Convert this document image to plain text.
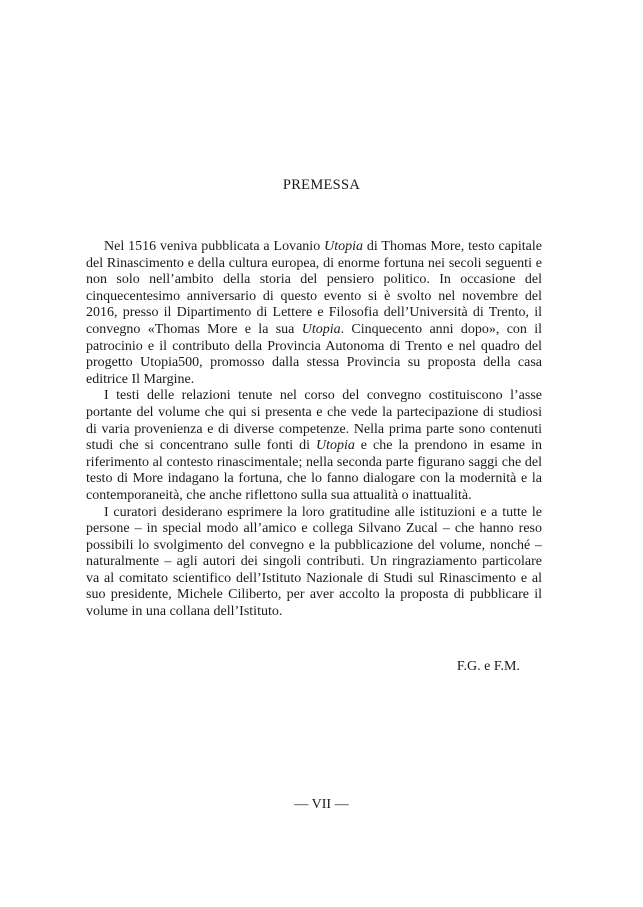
PREMESSA

Nel 1516 veniva pubblicata a Lovanio Utopia di Thomas More, testo capitale del Rinascimento e della cultura europea, di enorme fortuna nei secoli seguenti e non solo nell’ambito della storia del pensiero politico. In occasione del cinquecentesimo anniversario di questo evento si è svolto nel novembre del 2016, presso il Dipartimento di Lettere e Filosofia dell’Università di Trento, il convegno «Thomas More e la sua Utopia. Cinquecento anni dopo», con il patrocinio e il contributo della Provincia Autonoma di Trento e nel quadro del progetto Utopia500, promosso dalla stessa Provincia su proposta della casa editrice Il Margine.

I testi delle relazioni tenute nel corso del convegno costituiscono l’asse portante del volume che qui si presenta e che vede la partecipazione di studiosi di varia provenienza e di diverse competenze. Nella prima parte sono contenuti studi che si concentrano sulle fonti di Utopia e che la prendono in esame in riferimento al contesto rinascimentale; nella seconda parte figurano saggi che del testo di More indagano la fortuna, che lo fanno dialogare con la modernità e la contemporaneità, che anche riflettono sulla sua attualità o inattualità.

I curatori desiderano esprimere la loro gratitudine alle istituzioni e a tutte le persone – in special modo all’amico e collega Silvano Zucal – che hanno reso possibili lo svolgimento del convegno e la pubblicazione del volume, nonché – naturalmente – agli autori dei singoli contributi. Un ringraziamento particolare va al comitato scientifico dell’Istituto Nazionale di Studi sul Rinascimento e al suo presidente, Michele Ciliberto, per aver accolto la proposta di pubblicare il volume in una collana dell’Istituto.

F.G. e F.M.
— VII —
